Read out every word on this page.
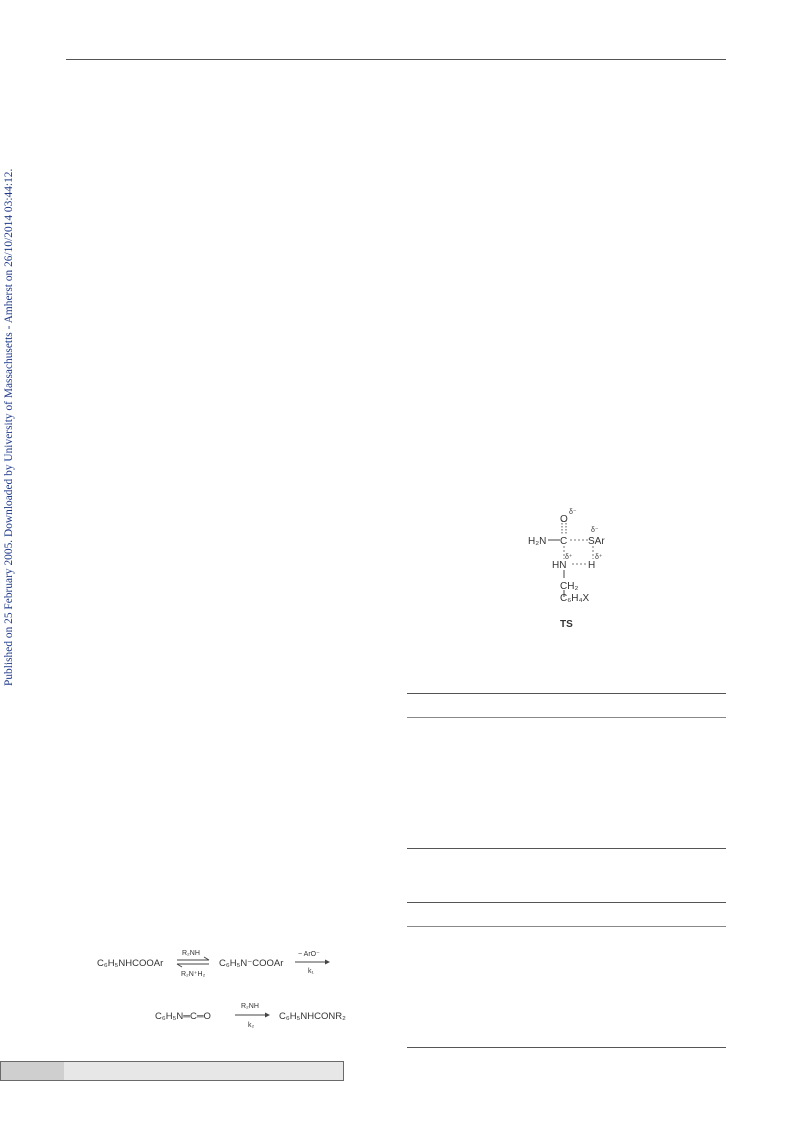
Published on 25 February 2005. Downloaded by University of Massachusetts - Amherst on 26/10/2014 03:44:12.	O
δ⁻
H₂N C SAr
δ⁻
HN
δ⁺
H
δ⁺
CH₂
C₆H₄X
TS
C₆H₅NHCOOAr
R₂NH
R₂N⁺H₂
C₆H₅N⁻COOAr
− ArO⁻
k₁
C₆H₅N═C═O
R₂NH
k₂
C₆H₅NHCONR₂
